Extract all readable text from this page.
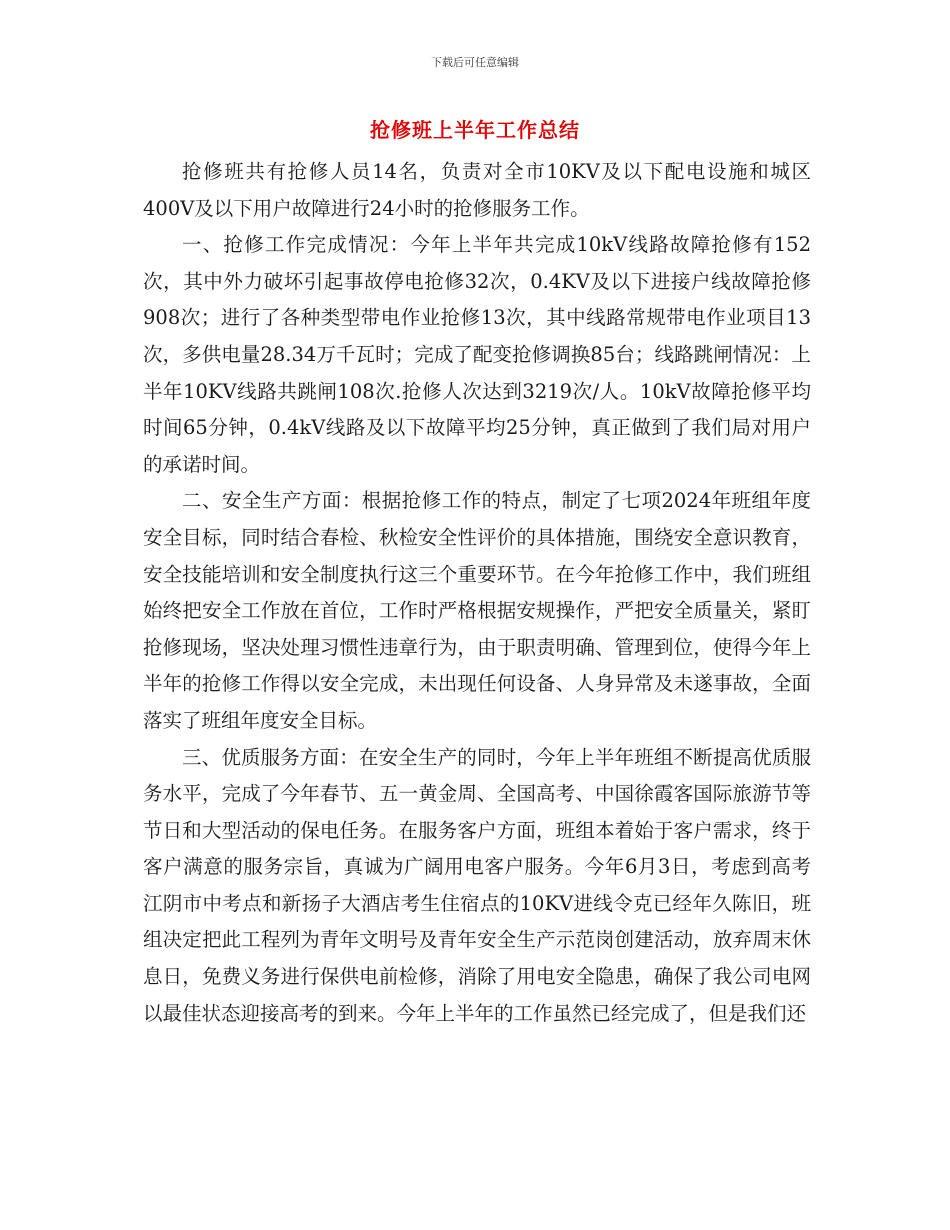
下载后可任意编辑
抢修班上半年工作总结

抢修班共有抢修人员14名，负责对全市10KV及以下配电设施和城区400V及以下用户故障进行24小时的抢修服务工作。

一、抢修工作完成情况：今年上半年共完成10kV线路故障抢修有152次，其中外力破坏引起事故停电抢修32次，0.4KV及以下进接户线故障抢修908次；进行了各种类型带电作业抢修13次，其中线路常规带电作业项目13次，多供电量28.34万千瓦时；完成了配变抢修调换85台；线路跳闸情况：上半年10KV线路共跳闸108次.抢修人次达到3219次/人。10kV故障抢修平均时间65分钟，0.4kV线路及以下故障平均25分钟，真正做到了我们局对用户的承诺时间。

二、安全生产方面：根据抢修工作的特点，制定了七项2024年班组年度安全目标，同时结合春检、秋检安全性评价的具体措施，围绕安全意识教育，安全技能培训和安全制度执行这三个重要环节。在今年抢修工作中，我们班组始终把安全工作放在首位，工作时严格根据安规操作，严把安全质量关，紧盯抢修现场，坚决处理习惯性违章行为，由于职责明确、管理到位，使得今年上半年的抢修工作得以安全完成，未出现任何设备、人身异常及未遂事故，全面落实了班组年度安全目标。

三、优质服务方面：在安全生产的同时，今年上半年班组不断提高优质服务水平，完成了今年春节、五一黄金周、全国高考、中国徐霞客国际旅游节等节日和大型活动的保电任务。在服务客户方面，班组本着始于客户需求，终于客户满意的服务宗旨，真诚为广阔用电客户服务。今年6月3日，考虑到高考江阴市中考点和新扬子大酒店考生住宿点的10KV进线令克已经年久陈旧，班组决定把此工程列为青年文明号及青年安全生产示范岗创建活动，放弃周末休息日，免费义务进行保供电前检修，消除了用电安全隐患，确保了我公司电网以最佳状态迎接高考的到来。今年上半年的工作虽然已经完成了，但是我们还
